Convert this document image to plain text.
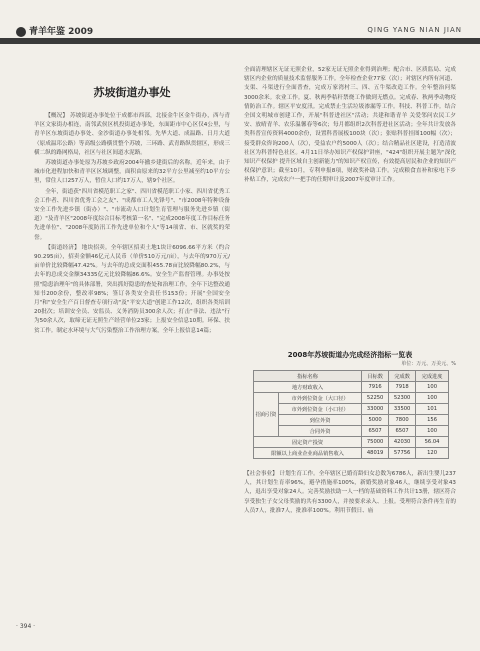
青羊年鉴 2009	QING YANG NIAN JIAN
苏坡街道办事处

【概况】 苏坡街道办事处位于成都市西部，北接金牛区金牛街办，西与青羊区文家街办相连，南邻武侯区机投街道办事处，东面距市中心区仅4公里，与青羊区东坡街道办事处、金沙街道办事处相邻。先华大道、成温路、日月大道（原成温邛公路）等高级公路横贯整个苏坡，三环路、武青路纵贯辖区，形成三横二纵的路网格局，社区与社区间道水泥路。

苏坡街道办事处原为苏坡乡政府2004年撤乡建街后的名称。近年来，由于城市化进程加快和青羊区区域调整，面积由原来的32平方公里减至约10平方公里，常住人口257万人，暂住人口约17万人，辖9个社区。

全年，街道获"四川省模范职工之家"、四川省模范职工小家、四川省优秀工会工作者、四川省优秀工会之友"、"成都市工人先锋号"、"市2008年特种设备安全工作先进乡镇（街办）"、"市流动人口计划生育管理与服务先进乡镇（街道）"及青羊区"2008年度综合目标考核第一名"、"完成2008年度工作目标任务先进单位"、"2008年度防汛工作先进单位和个人"等14项省、市、区就奖的荣誉。

【街道经济】 地块招卖。全年辖区招卖土地1块计6096.66平方米（约合90.295亩），招卖金额46亿元人民币（单价510万元/亩），与去年的970万元/亩单价比较降幅47.42%。与去年的总成交面积455.78亩比较降幅80.2%，与去年的总成交金额34335亿元比较降幅86.6%。安全生产监督管理。办事处按照"隐患治理年"的具体部署，突出抓好隐患的查处和治理工作，全年下达整改通知书200余份，整改率98%；签订各类安全责任书153份；开展"全国安全月"和"安全生产百日督查专项行动"及"平安大道"创建工作12次，组织各类培训20批次；培训安全员、安监员、义务消防员300余人次；打击"非法、违法"行为50余人次，取缔无证无照生产经营单位23家；上报安全信息10期。环保、扶贫工作。制定水环境与大气污染整治工作治理方案，全年上报信息14篇；

全面清理辖区无证无照企业，52家无证无照企业得到治理；配合市、区质监局、完成辖区内企业的质量技术监督服务工作。全年检查企业77家（次）；对辖区内所有河道、支渠、斗渠进行全面普查，完成万家湾村三、四、五牛渠改造工作。全年整治问渠3000余米。农业工作。夏、秋两季秸秆禁烧工作做到无燃点。完成春、秋两季动物疫情防治工作。辖区平安度汛。完成禁止生活垃圾渗漏等工作。科技、科普工作。结合全国文明城市创建工作，开展"科普进社区"活动；共建和谐青羊 关爱邻问农民工夕安、放晴青羊、农乐温馨春等6次；每月都组织2次科普进社区活动；全年共计发放各类科普宣传资料4000余份，设置科普展板100块（次）；张贴科普挂图100幅（次）；接受群众咨询200人（次），受益农户约5000人（次）；结合精品社区建设，打造清波社区为科普特色社区。4月11日举办知识产权保护讲座，"424"组织开展主题为"深化知识产权保护 提升区域自主创新能力"的知识产权宣传，有效提高居民和企业的知识产权保护意识；截至10月，专利申报8项，财政奖补助工作。完成粮食直补和家电下乡补贴工作，完成农户一把手的任期审计及2007年度审计工作。

2008年苏坡街道办完成经济指标一览表
单位：万元、万美元、%
指标名称		目标数	完成数	完成进度
地方财政收入		7916	7918	100
招商引资	市外到位资金（大口径）	52250	52300	100
	市外到位资金（小口径）	33000	33500	101
	到位外资	5000	7800	156
	合同外资	6507	6507	100
固定资产投资		75000	42030	56.04
限额以上商业企业商品销售收入		48019	57756	120

【社会事业】 计划生育工作。全年辖区已婚育龄妇女总数为6786人，新出生婴儿237人，其计划生育率96%，避孕措施率100%，新婚奖励对象46人，继续享受对象43人，退出享受对象24人。完善奖励扶助一人一档的基础资料工作共计13册，辖区符合享受独生子女父母奖励的共有3300人，并按要求录入、上报。受理符合条件再生育的人员7人，批准7人，批准率100%。利用节假日、庙

· 394 ·
